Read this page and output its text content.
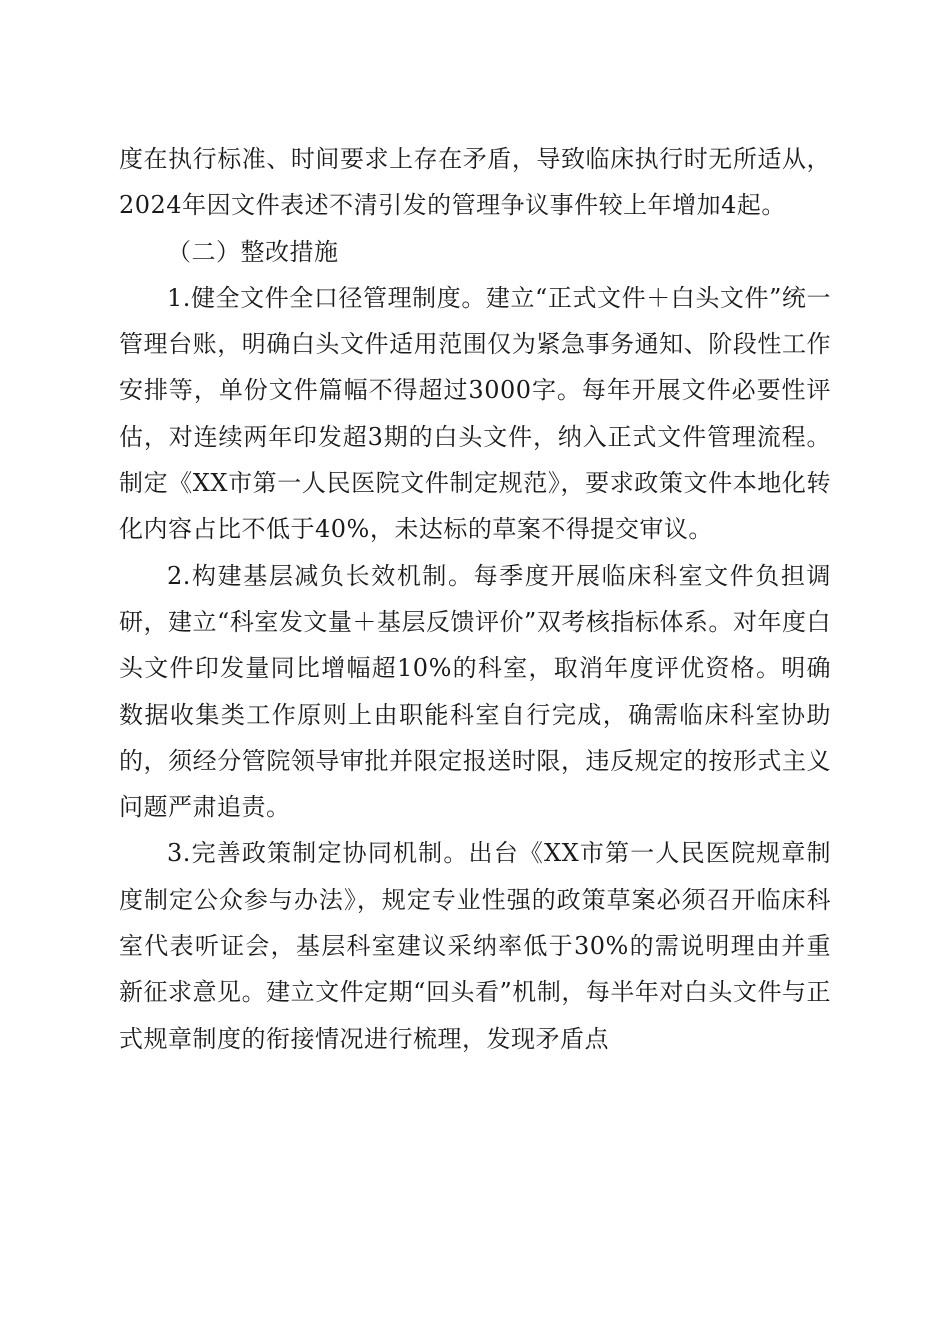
度在执行标准、时间要求上存在矛盾，导致临床执行时无所适从，2024年因文件表述不清引发的管理争议事件较上年增加4起。

（二）整改措施

1.健全文件全口径管理制度。建立“正式文件＋白头文件”统一管理台账，明确白头文件适用范围仅为紧急事务通知、阶段性工作安排等，单份文件篇幅不得超过3000字。每年开展文件必要性评估，对连续两年印发超3期的白头文件，纳入正式文件管理流程。制定《XX市第一人民医院文件制定规范》，要求政策文件本地化转化内容占比不低于40%，未达标的草案不得提交审议。

2.构建基层减负长效机制。每季度开展临床科室文件负担调研，建立“科室发文量＋基层反馈评价”双考核指标体系。对年度白头文件印发量同比增幅超10%的科室，取消年度评优资格。明确数据收集类工作原则上由职能科室自行完成，确需临床科室协助的，须经分管院领导审批并限定报送时限，违反规定的按形式主义问题严肃追责。

3.完善政策制定协同机制。出台《XX市第一人民医院规章制度制定公众参与办法》，规定专业性强的政策草案必须召开临床科室代表听证会，基层科室建议采纳率低于30%的需说明理由并重新征求意见。建立文件定期“回头看”机制，每半年对白头文件与正式规章制度的衔接情况进行梳理，发现矛盾点
